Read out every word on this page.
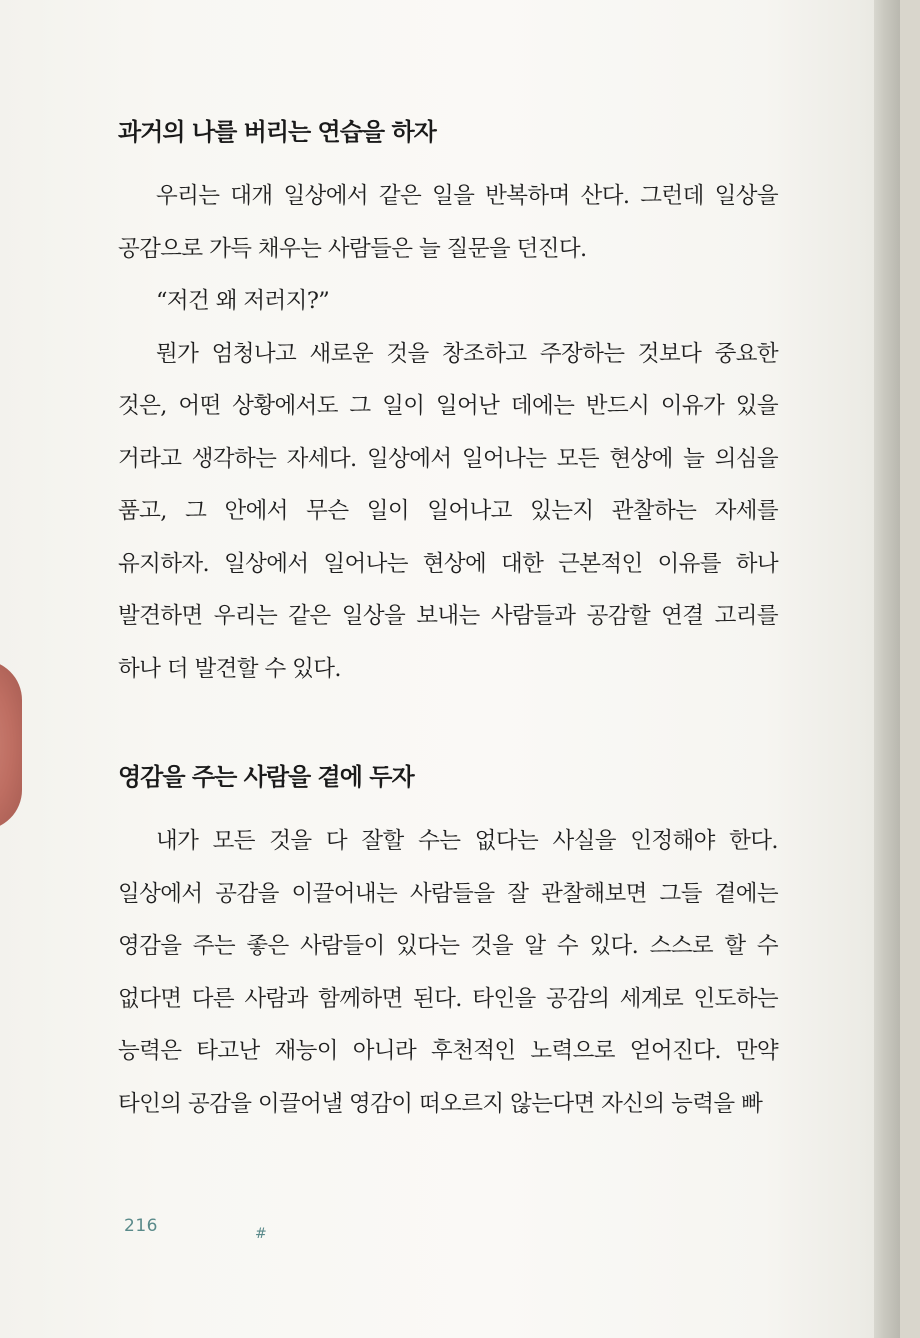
과거의 나를 버리는 연습을 하자

우리는 대개 일상에서 같은 일을 반복하며 산다. 그런데 일상을 공감으로 가득 채우는 사람들은 늘 질문을 던진다.

“저건 왜 저러지?”

뭔가 엄청나고 새로운 것을 창조하고 주장하는 것보다 중요한 것은, 어떤 상황에서도 그 일이 일어난 데에는 반드시 이유가 있을 거라고 생각하는 자세다. 일상에서 일어나는 모든 현상에 늘 의심을 품고, 그 안에서 무슨 일이 일어나고 있는지 관찰하는 자세를 유지하자. 일상에서 일어나는 현상에 대한 근본적인 이유를 하나 발견하면 우리는 같은 일상을 보내는 사람들과 공감할 연결 고리를 하나 더 발견할 수 있다.

영감을 주는 사람을 곁에 두자

내가 모든 것을 다 잘할 수는 없다는 사실을 인정해야 한다. 일상에서 공감을 이끌어내는 사람들을 잘 관찰해보면 그들 곁에는 영감을 주는 좋은 사람들이 있다는 것을 알 수 있다. 스스로 할 수 없다면 다른 사람과 함께하면 된다. 타인을 공감의 세계로 인도하는 능력은 타고난 재능이 아니라 후천적인 노력으로 얻어진다. 만약 타인의 공감을 이끌어낼 영감이 떠오르지 않는다면 자신의 능력을 빠

216	#
